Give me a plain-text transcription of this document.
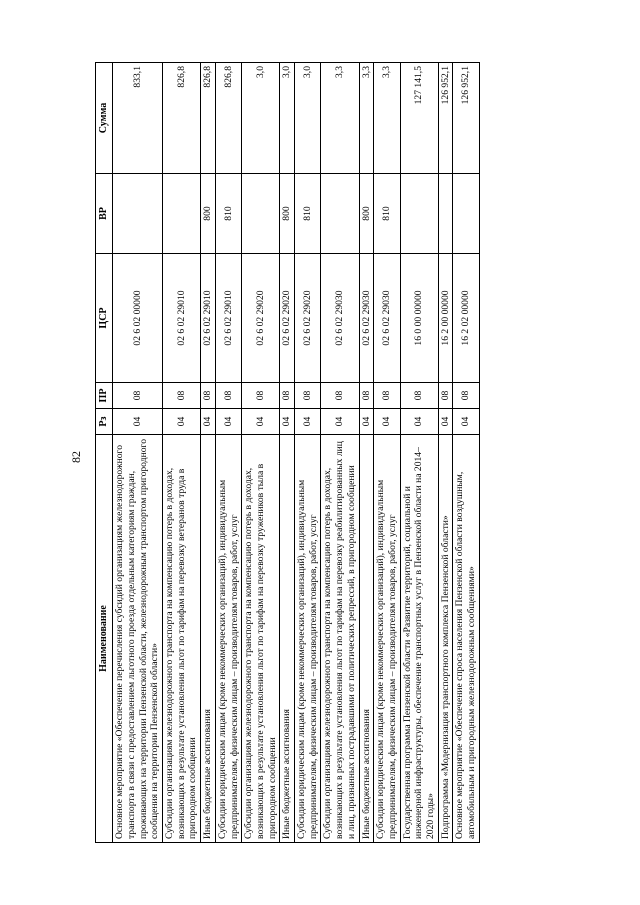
82
Наименование	Рз	ПР	ЦСР	ВР	Сумма
Основное мероприятие «Обеспечение перечисления субсидий организациям железнодорожного транспорта в связи с предоставлением льготного проезда отдельным категориям граждан, проживающих на территории Пензенской области, железнодорожным транспортом пригородного сообщения на территории Пензенской области»	04	08	02 6 02 00000		833,1
Субсидии организациям железнодорожного транспорта на компенсацию потерь в доходах, возникающих в результате установления льгот по тарифам на перевозку ветеранов труда в пригородном сообщении	04	08	02 6 02 29010		826,8
Иные бюджетные ассигнования	04	08	02 6 02 29010	800	826,8
Субсидии юридическим лицам (кроме некоммерческих организаций), индивидуальным предпринимателям, физическим лицам – производителям товаров, работ, услуг	04	08	02 6 02 29010	810	826,8
Субсидии организациям железнодорожного транспорта на компенсацию потерь в доходах, возникающих в результате установления льгот по тарифам на перевозку тружеников тыла в пригородном сообщении	04	08	02 6 02 29020		3,0
Иные бюджетные ассигнования	04	08	02 6 02 29020	800	3,0
Субсидии юридическим лицам (кроме некоммерческих организаций), индивидуальным предпринимателям, физическим лицам – производителям товаров, работ, услуг	04	08	02 6 02 29020	810	3,0
Субсидии организациям железнодорожного транспорта на компенсацию потерь в доходах, возникающих в результате установления льгот по тарифам на перевозку реабилитированных лиц и лиц, признанных пострадавшими от политических репрессий, в пригородном сообщении	04	08	02 6 02 29030		3,3
Иные бюджетные ассигнования	04	08	02 6 02 29030	800	3,3
Субсидии юридическим лицам (кроме некоммерческих организаций), индивидуальным предпринимателям, физическим лицам – производителям товаров, работ, услуг	04	08	02 6 02 29030	810	3,3
Государственная программа Пензенской области «Развитие территорий, социальной и инженерной инфраструктуры, обеспечение транспортных услуг в Пензенской области на 2014–2020 годы»	04	08	16 0 00 00000		127 141,5
Подпрограмма «Модернизация транспортного комплекса Пензенской области»	04	08	16 2 00 00000		126 952,1
Основное мероприятие «Обеспечение спроса населения Пензенской области воздушным, автомобильным и пригородным железнодорожным сообщениями»	04	08	16 2 02 00000		126 952,1
